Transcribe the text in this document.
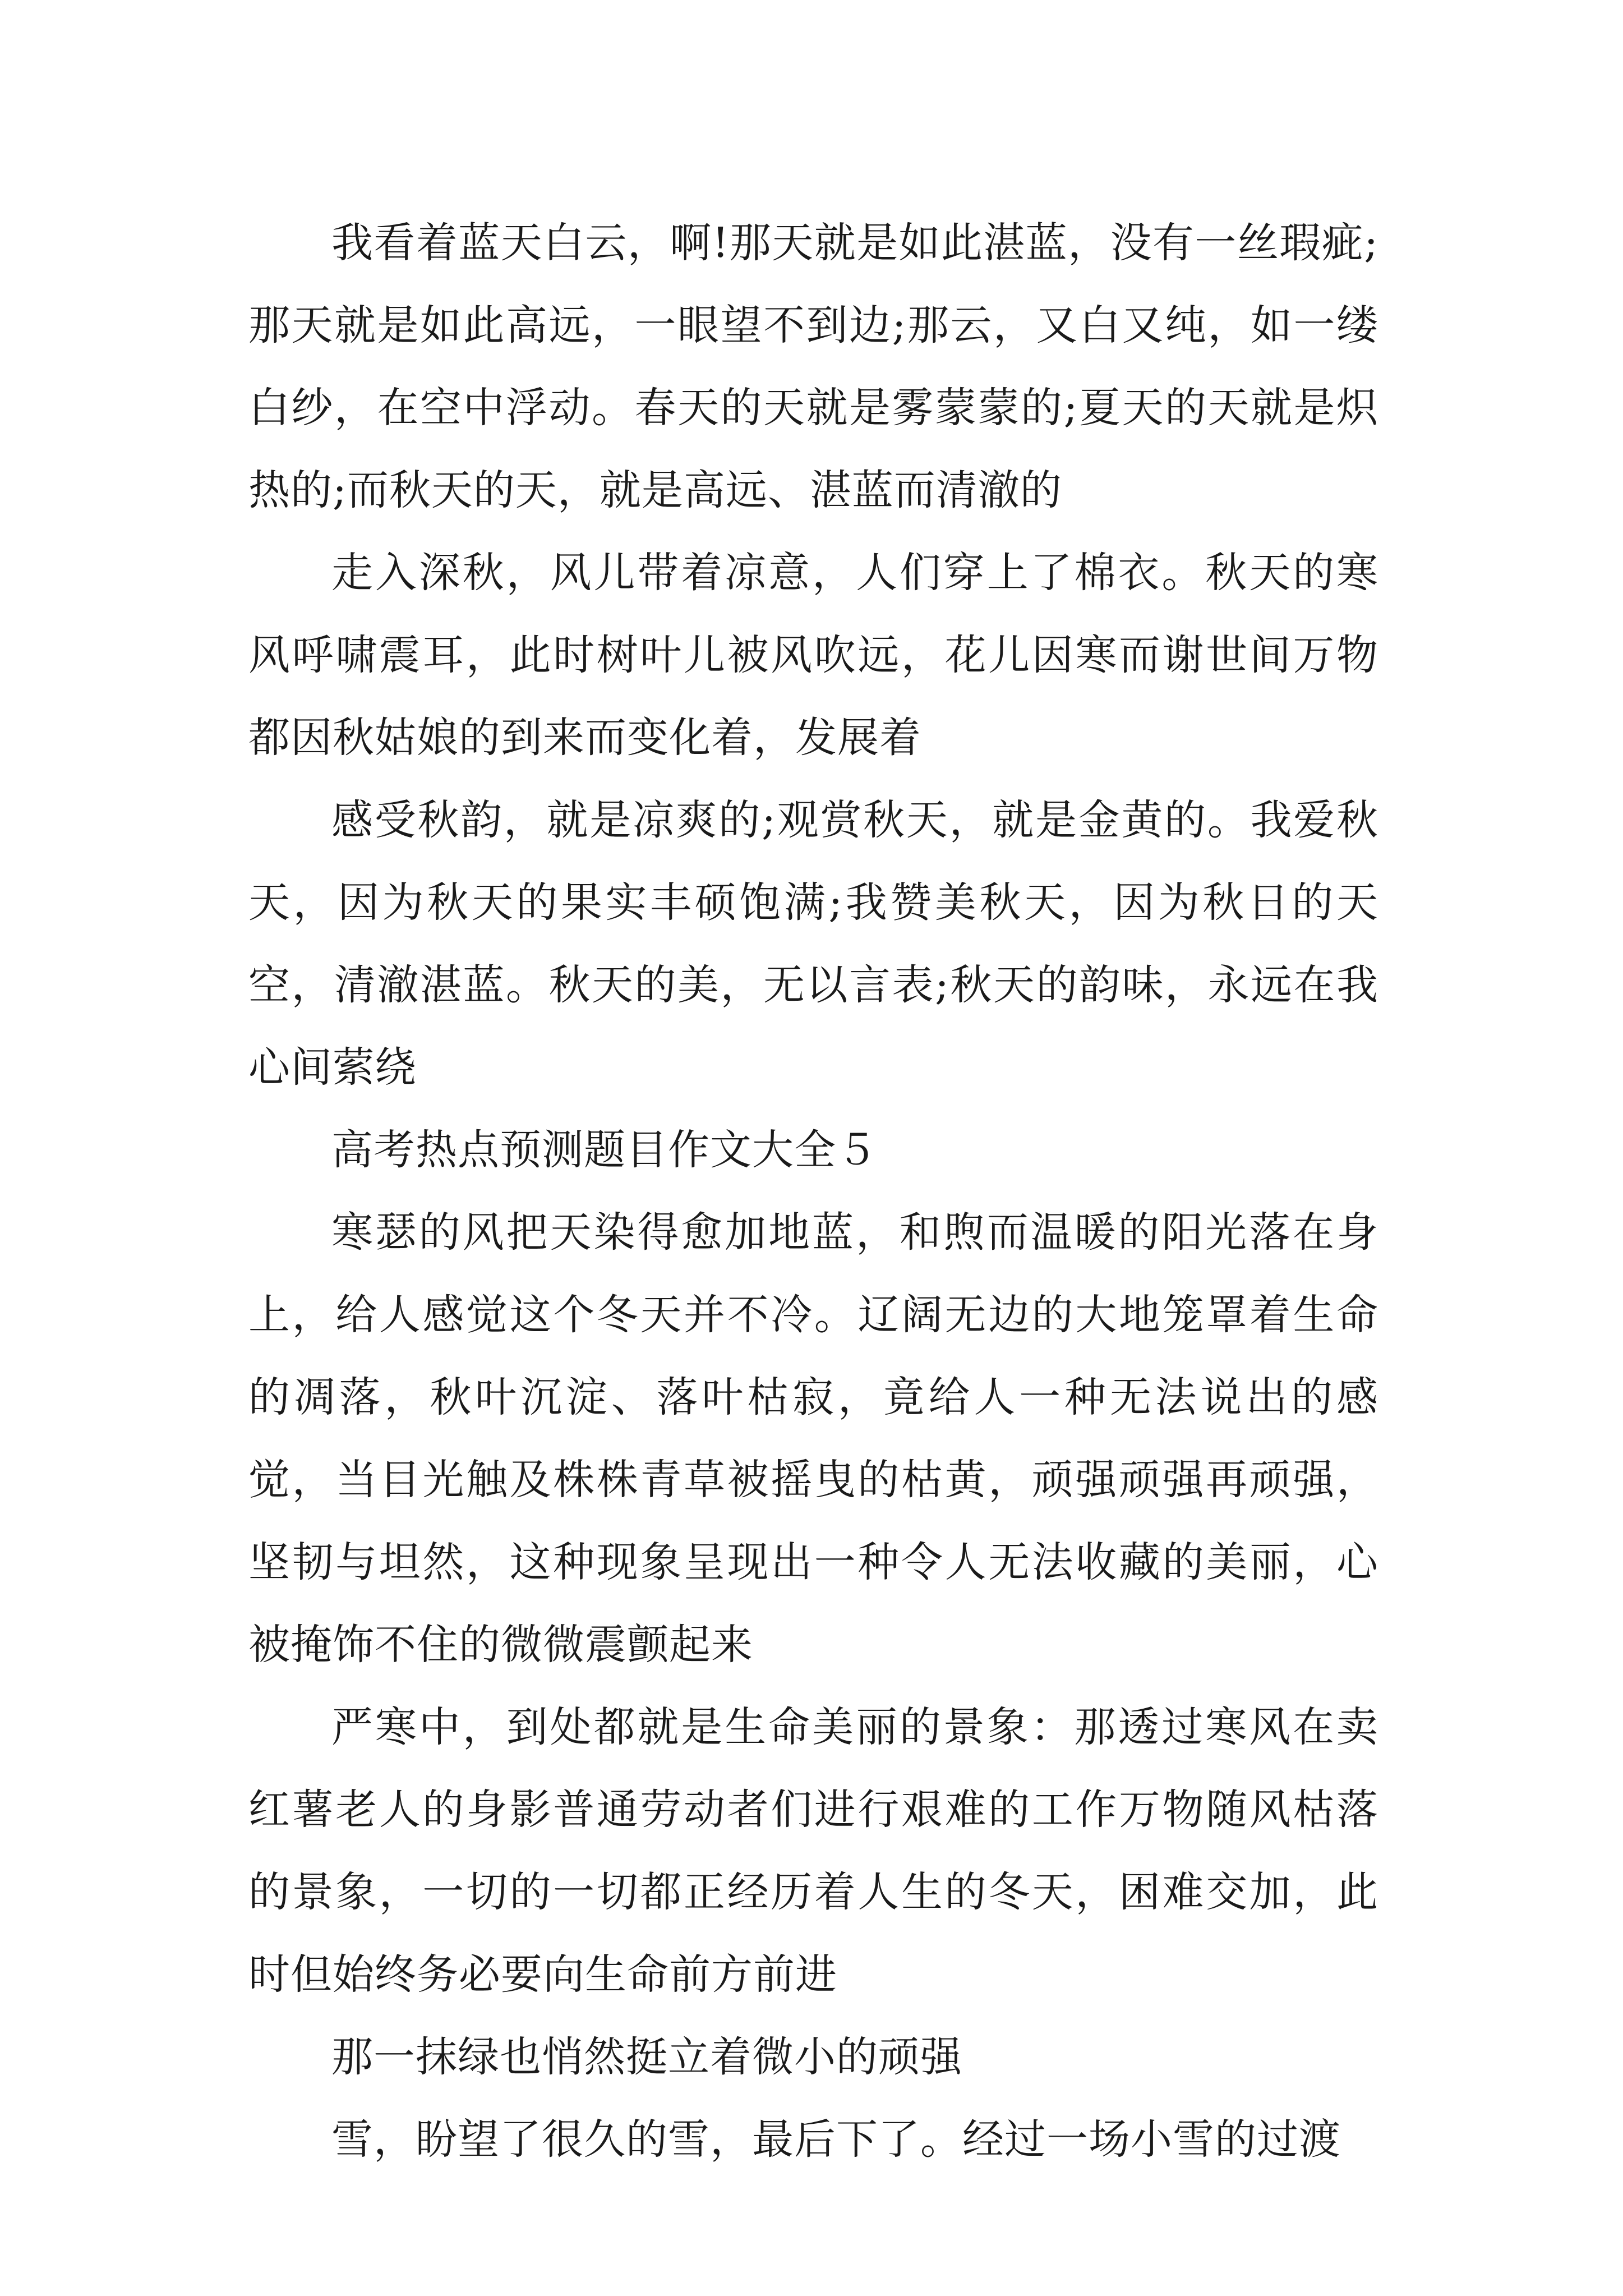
我看着蓝天白云，啊!那天就是如此湛蓝，没有一丝瑕疵;那天就是如此高远，一眼望不到边;那云，又白又纯，如一缕白纱，在空中浮动。春天的天就是雾蒙蒙的;夏天的天就是炽热的;而秋天的天，就是高远、湛蓝而清澈的

走入深秋，风儿带着凉意，人们穿上了棉衣。秋天的寒风呼啸震耳，此时树叶儿被风吹远，花儿因寒而谢世间万物都因秋姑娘的到来而变化着，发展着

感受秋韵，就是凉爽的;观赏秋天，就是金黄的。我爱秋天，因为秋天的果实丰硕饱满;我赞美秋天，因为秋日的天空，清澈湛蓝。秋天的美，无以言表;秋天的韵味，永远在我心间萦绕

高考热点预测题目作文大全５

寒瑟的风把天染得愈加地蓝，和煦而温暖的阳光落在身上，给人感觉这个冬天并不冷。辽阔无边的大地笼罩着生命的凋落，秋叶沉淀、落叶枯寂，竟给人一种无法说出的感觉，当目光触及株株青草被摇曳的枯黄，顽强顽强再顽强，坚韧与坦然，这种现象呈现出一种令人无法收藏的美丽，心被掩饰不住的微微震颤起来

严寒中，到处都就是生命美丽的景象：那透过寒风在卖红薯老人的身影普通劳动者们进行艰难的工作万物随风枯落的景象，一切的一切都正经历着人生的冬天，困难交加，此时但始终务必要向生命前方前进

那一抹绿也悄然挺立着微小的顽强

雪，盼望了很久的雪，最后下了。经过一场小雪的过渡
